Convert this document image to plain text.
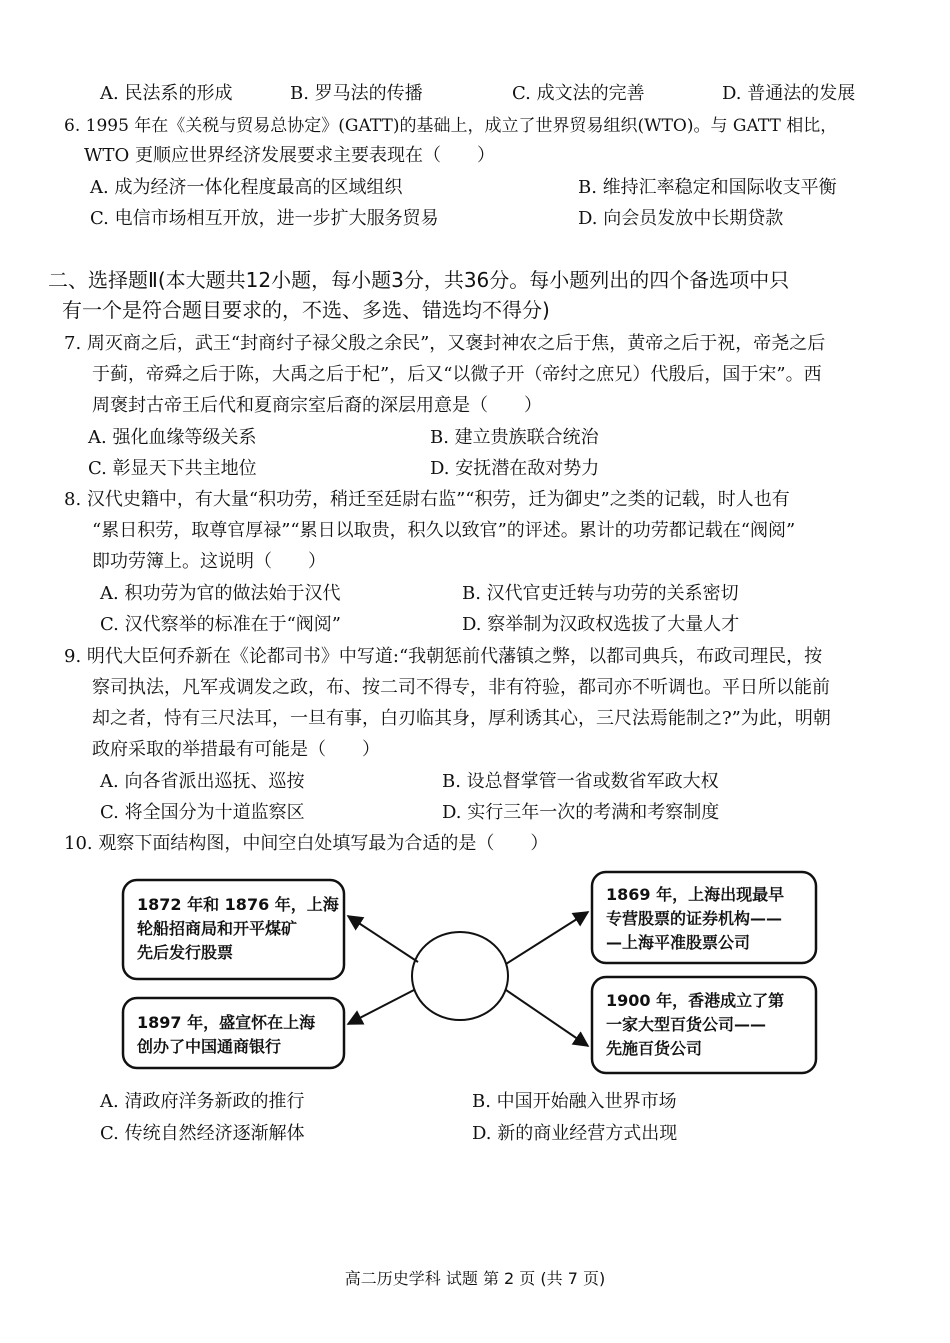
A. 民法系的形成	B. 罗马法的传播	C. 成文法的完善	D. 普通法的发展
6. 1995 年在《关税与贸易总协定》(GATT)的基础上，成立了世界贸易组织(WTO)。与 GATT 相比，
WTO 更顺应世界经济发展要求主要表现在（　　）
A. 成为经济一体化程度最高的区域组织	B. 维持汇率稳定和国际收支平衡
C. 电信市场相互开放，进一步扩大服务贸易	D. 向会员发放中长期贷款
二、选择题Ⅱ(本大题共12小题，每小题3分，共36分。每小题列出的四个备选项中只
有一个是符合题目要求的，不选、多选、错选均不得分)
7. 周灭商之后，武王“封商纣子禄父殷之余民”，又褒封神农之后于焦，黄帝之后于祝，帝尧之后
于蓟，帝舜之后于陈，大禹之后于杞”，后又“以微子开（帝纣之庶兄）代殷后，国于宋”。西
周褒封古帝王后代和夏商宗室后裔的深层用意是（　　）
A. 强化血缘等级关系	B. 建立贵族联合统治
C. 彰显天下共主地位	D. 安抚潜在敌对势力
8. 汉代史籍中，有大量“积功劳，稍迁至廷尉右监”“积劳，迁为御史”之类的记载，时人也有
“累日积劳，取尊官厚禄”“累日以取贵，积久以致官”的评述。累计的功劳都记载在“阀阅”
即功劳簿上。这说明（　　）
A. 积功劳为官的做法始于汉代	B. 汉代官吏迁转与功劳的关系密切
C. 汉代察举的标准在于“阀阅”	D. 察举制为汉政权选拔了大量人才
9. 明代大臣何乔新在《论都司书》中写道:“我朝惩前代藩镇之弊，以都司典兵，布政司理民，按
察司执法，凡军戎调发之政，布、按二司不得专，非有符验，都司亦不听调也。平日所以能前
却之者，恃有三尺法耳，一旦有事，白刃临其身，厚利诱其心，三尺法焉能制之?”为此，明朝
政府采取的举措最有可能是（　　）
A. 向各省派出巡抚、巡按	B. 设总督掌管一省或数省军政大权
C. 将全国分为十道监察区	D. 实行三年一次的考满和考察制度
10. 观察下面结构图，中间空白处填写最为合适的是（　　）
1872 年和 1876 年，上海
轮船招商局和开平煤矿
先后发行股票
1897 年，盛宣怀在上海
创办了中国通商银行
1869 年，上海出现最早
专营股票的证券机构——
—上海平准股票公司
1900 年，香港成立了第
一家大型百货公司——
先施百货公司
A. 清政府洋务新政的推行	B. 中国开始融入世界市场
C. 传统自然经济逐渐解体	D. 新的商业经营方式出现
高二历史学科 试题 第 2 页 (共 7 页)
